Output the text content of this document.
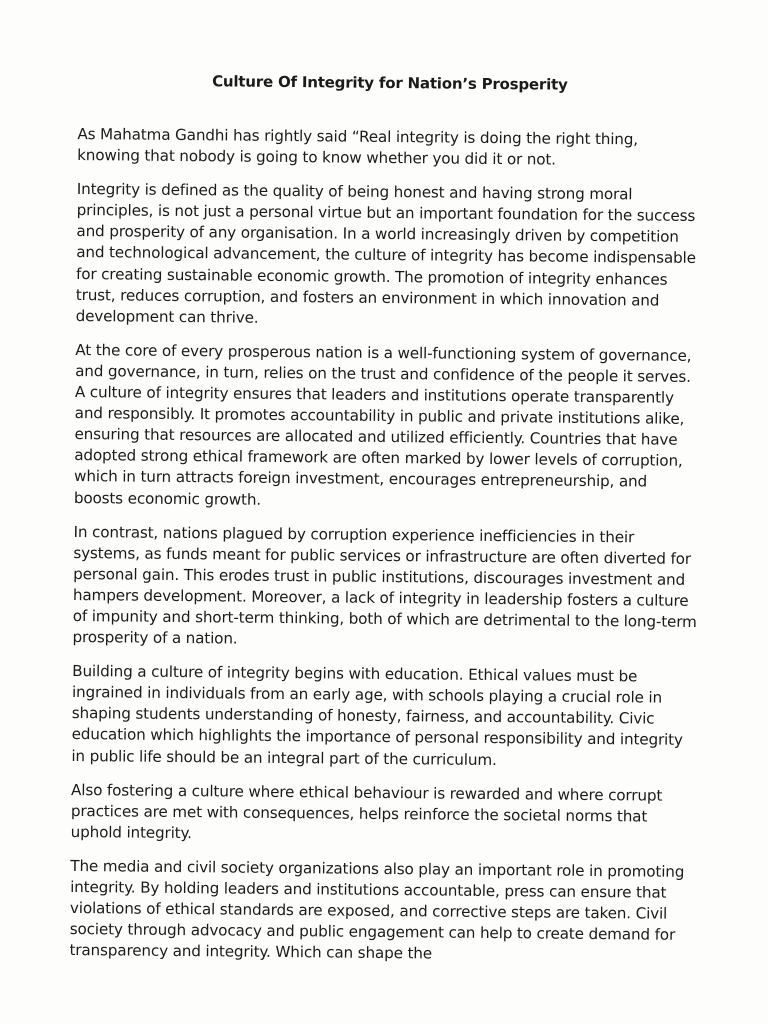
Culture Of Integrity for Nation’s Prosperity

As Mahatma Gandhi has rightly said “Real integrity is doing the right thing, knowing that nobody is going to know whether you did it or not.

Integrity is defined as the quality of being honest and having strong moral principles, is not just a personal virtue but an important foundation for the success and prosperity of any organisation. In a world increasingly driven by competition and technological advancement, the culture of integrity has become indispensable for creating sustainable economic growth. The promotion of integrity enhances trust, reduces corruption, and fosters an environment in which innovation and development can thrive.

At the core of every prosperous nation is a well-functioning system of governance, and governance, in turn, relies on the trust and confidence of the people it serves. A culture of integrity ensures that leaders and institutions operate transparently and responsibly. It promotes accountability in public and private institutions alike, ensuring that resources are allocated and utilized efficiently. Countries that have adopted strong ethical framework are often marked by lower levels of corruption, which in turn attracts foreign investment, encourages entrepreneurship, and boosts economic growth.

In contrast, nations plagued by corruption experience inefficiencies in their systems, as funds meant for public services or infrastructure are often diverted for personal gain. This erodes trust in public institutions, discourages investment and hampers development. Moreover, a lack of integrity in leadership fosters a culture of impunity and short-term thinking, both of which are detrimental to the long-term prosperity of a nation.

Building a culture of integrity begins with education. Ethical values must be ingrained in individuals from an early age, with schools playing a crucial role in shaping students understanding of honesty, fairness, and accountability. Civic education which highlights the importance of personal responsibility and integrity in public life should be an integral part of the curriculum.

Also fostering a culture where ethical behaviour is rewarded and where corrupt practices are met with consequences, helps reinforce the societal norms that uphold integrity.

The media and civil society organizations also play an important role in promoting integrity. By holding leaders and institutions accountable, press can ensure that violations of ethical standards are exposed, and corrective steps are taken. Civil society through advocacy and public engagement can help to create demand for transparency and integrity. Which can shape the
